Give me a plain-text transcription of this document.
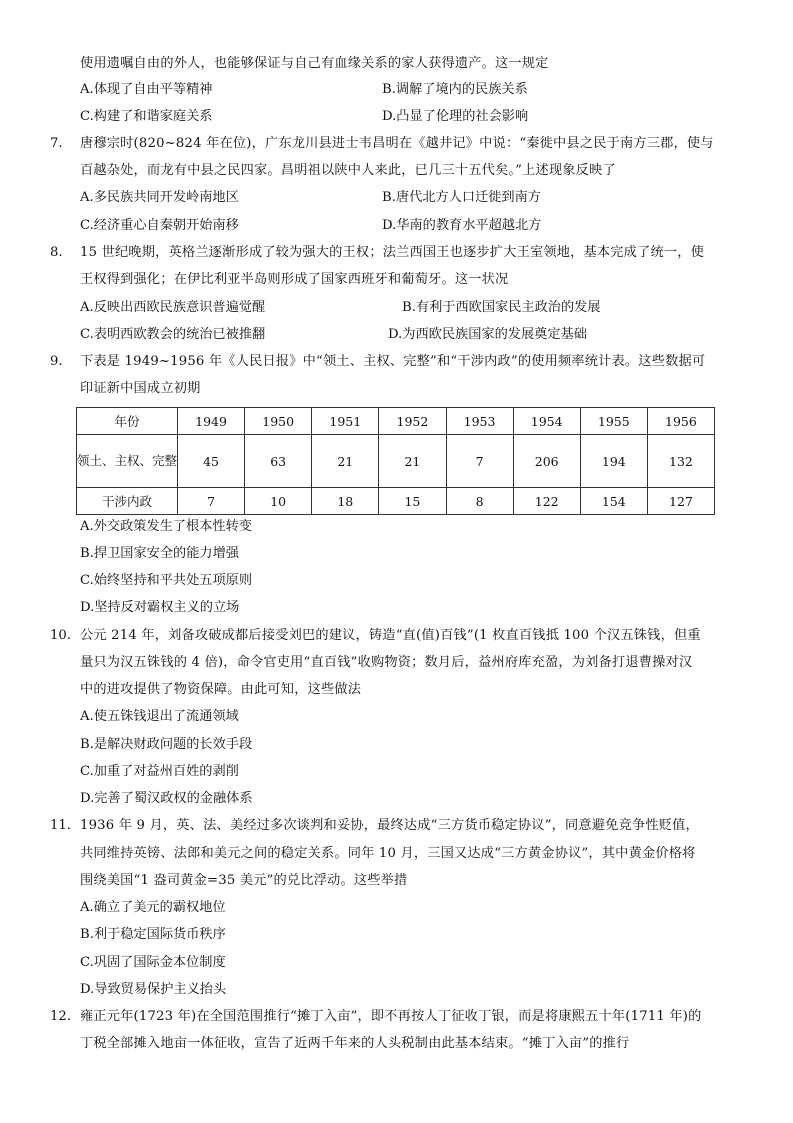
使用遗嘱自由的外人，也能够保证与自己有血缘关系的家人获得遗产。这一规定
A.体现了自由平等精神	B.调解了境内的民族关系
C.构建了和谐家庭关系	D.凸显了伦理的社会影响
7. 唐穆宗时(820~824 年在位)，广东龙川县进士韦昌明在《越井记》中说：“秦徙中县之民于南方三郡，使与
百越杂处，而龙有中县之民四家。昌明祖以陕中人来此，已几三十五代矣。”上述现象反映了
A.多民族共同开发岭南地区	B.唐代北方人口迁徙到南方
C.经济重心自秦朝开始南移	D.华南的教育水平超越北方
8. 15 世纪晚期，英格兰逐渐形成了较为强大的王权；法兰西国王也逐步扩大王室领地，基本完成了统一，使
王权得到强化；在伊比利亚半岛则形成了国家西班牙和葡萄牙。这一状况
A.反映出西欧民族意识普遍觉醒	B.有利于西欧国家民主政治的发展
C.表明西欧教会的统治已被推翻	D.为西欧民族国家的发展奠定基础
9. 下表是 1949~1956 年《人民日报》中“领土、主权、完整”和“干涉内政”的使用频率统计表。这些数据可
印证新中国成立初期
年份	1949	1950	1951	1952	1953	1954	1955	1956
领土、主权、完整	45	63	21	21	7	206	194	132
干涉内政	7	10	18	15	8	122	154	127
A.外交政策发生了根本性转变
B.捍卫国家安全的能力增强
C.始终坚持和平共处五项原则
D.坚持反对霸权主义的立场
10. 公元 214 年，刘备攻破成都后接受刘巴的建议，铸造“直(值)百钱”(1 枚直百钱抵 100 个汉五铢钱，但重
量只为汉五铢钱的 4 倍)，命令官吏用“直百钱”收购物资；数月后，益州府库充盈，为刘备打退曹操对汉
中的进攻提供了物资保障。由此可知，这些做法
A.使五铢钱退出了流通领域
B.是解决财政问题的长效手段
C.加重了对益州百姓的剥削
D.完善了蜀汉政权的金融体系
11. 1936 年 9 月，英、法、美经过多次谈判和妥协，最终达成“三方货币稳定协议”，同意避免竞争性贬值，
共同维持英镑、法郎和美元之间的稳定关系。同年 10 月，三国又达成“三方黄金协议”，其中黄金价格将
围绕美国“1 盎司黄金=35 美元”的兑比浮动。这些举措
A.确立了美元的霸权地位
B.利于稳定国际货币秩序
C.巩固了国际金本位制度
D.导致贸易保护主义抬头
12. 雍正元年(1723 年)在全国范围推行“摊丁入亩”，即不再按人丁征收丁银，而是将康熙五十年(1711 年)的
丁税全部摊入地亩一体征收，宣告了近两千年来的人头税制由此基本结束。“摊丁入亩”的推行
